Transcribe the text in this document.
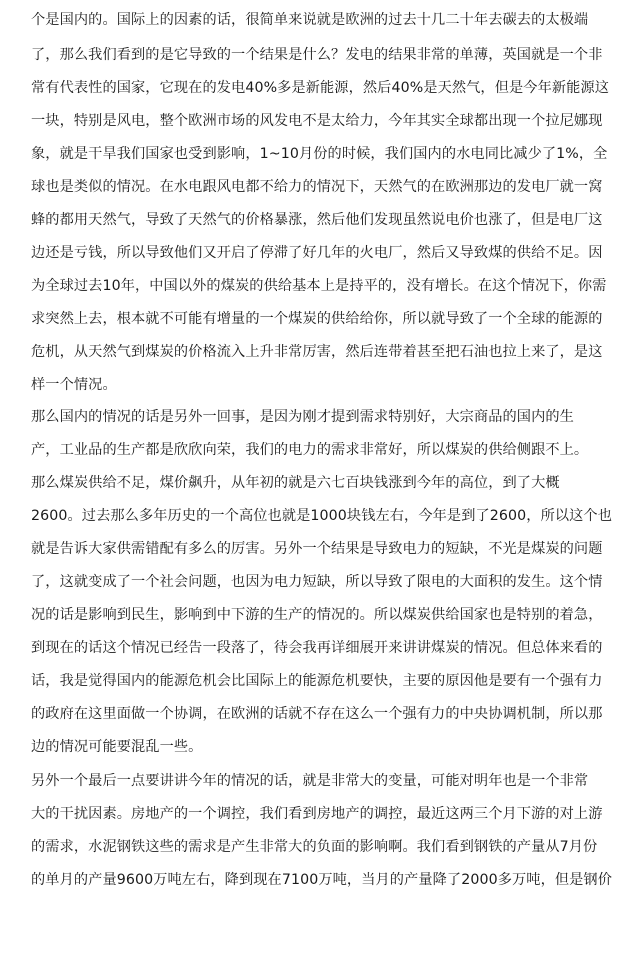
个是国内的。国际上的因素的话，很简单来说就是欧洲的过去十几二十年去碳去的太极端
了，那么我们看到的是它导致的一个结果是什么？发电的结果非常的单薄，英国就是一个非
常有代表性的国家，它现在的发电40%多是新能源，然后40%是天然气，但是今年新能源这
一块，特别是风电，整个欧洲市场的风发电不是太给力，今年其实全球都出现一个拉尼娜现
象，就是干旱我们国家也受到影响，1~10月份的时候，我们国内的水电同比减少了1%，全
球也是类似的情况。在水电跟风电都不给力的情况下，天然气的在欧洲那边的发电厂就一窝
蜂的都用天然气，导致了天然气的价格暴涨，然后他们发现虽然说电价也涨了，但是电厂这
边还是亏钱，所以导致他们又开启了停滞了好几年的火电厂，然后又导致煤的供给不足。因
为全球过去10年，中国以外的煤炭的供给基本上是持平的，没有增长。在这个情况下，你需
求突然上去，根本就不可能有增量的一个煤炭的供给给你，所以就导致了一个全球的能源的
危机，从天然气到煤炭的价格流入上升非常厉害，然后连带着甚至把石油也拉上来了，是这
样一个情况。
那么国内的情况的话是另外一回事，是因为刚才提到需求特别好，大宗商品的国内的生
产，工业品的生产都是欣欣向荣，我们的电力的需求非常好，所以煤炭的供给侧跟不上。
那么煤炭供给不足，煤价飙升，从年初的就是六七百块钱涨到今年的高位，到了大概
2600。过去那么多年历史的一个高位也就是1000块钱左右，今年是到了2600，所以这个也
就是告诉大家供需错配有多么的厉害。另外一个结果是导致电力的短缺，不光是煤炭的问题
了，这就变成了一个社会问题，也因为电力短缺，所以导致了限电的大面积的发生。这个情
况的话是影响到民生，影响到中下游的生产的情况的。所以煤炭供给国家也是特别的着急，
到现在的话这个情况已经告一段落了，待会我再详细展开来讲讲煤炭的情况。但总体来看的
话，我是觉得国内的能源危机会比国际上的能源危机要快，主要的原因他是要有一个强有力
的政府在这里面做一个协调，在欧洲的话就不存在这么一个强有力的中央协调机制，所以那
边的情况可能要混乱一些。
另外一个最后一点要讲讲今年的情况的话，就是非常大的变量，可能对明年也是一个非常
大的干扰因素。房地产的一个调控，我们看到房地产的调控，最近这两三个月下游的对上游
的需求，水泥钢铁这些的需求是产生非常大的负面的影响啊。我们看到钢铁的产量从7月份
的单月的产量9600万吨左右，降到现在7100万吨，当月的产量降了2000多万吨，但是钢价
